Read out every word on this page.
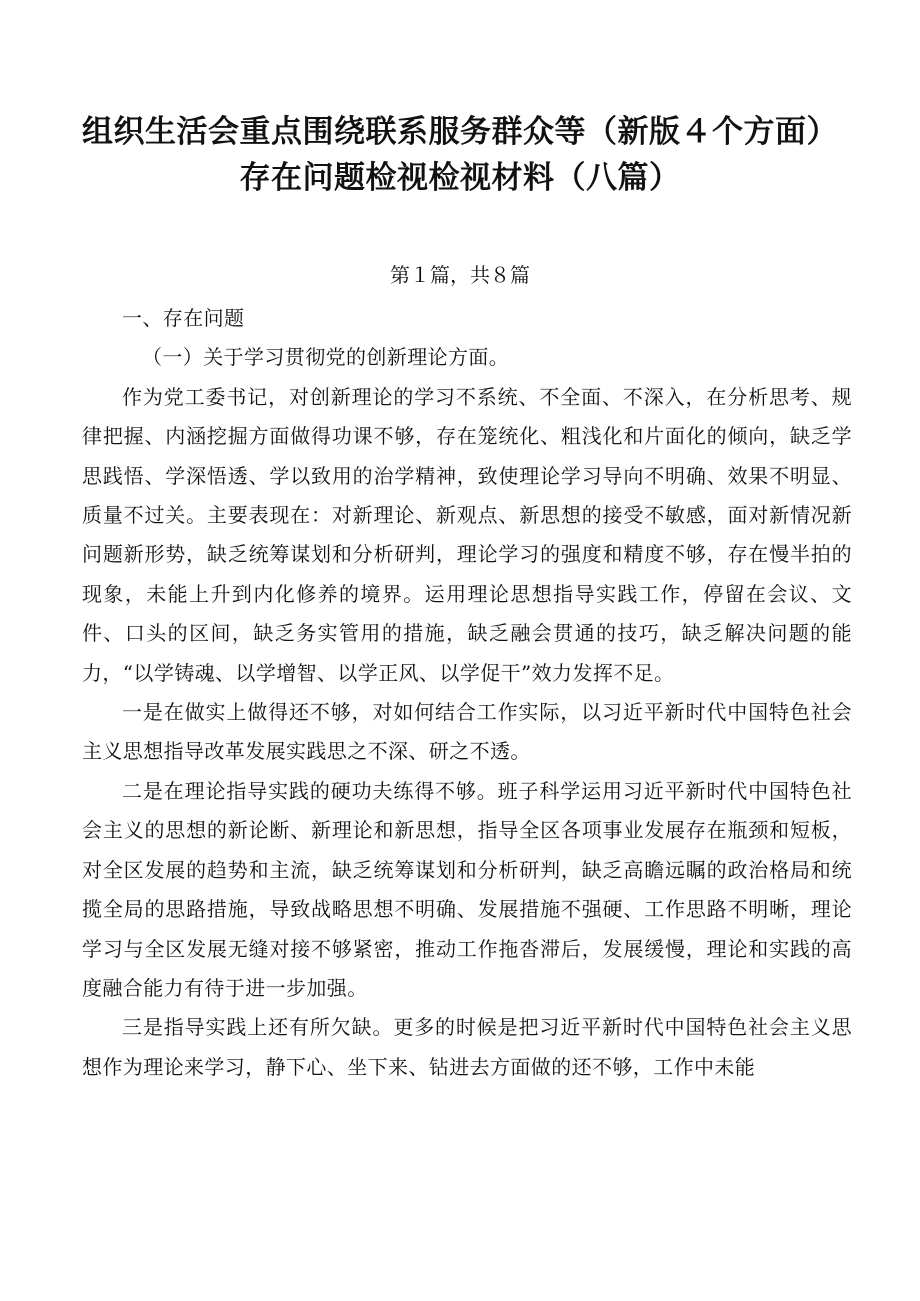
组织生活会重点围绕联系服务群众等（新版４个方面）
存在问题检视检视材料（八篇）
第１篇，共８篇

一、存在问题

（一）关于学习贯彻党的创新理论方面。

作为党工委书记，对创新理论的学习不系统、不全面、不深入，在分析思考、规律把握、内涵挖掘方面做得功课不够，存在笼统化、粗浅化和片面化的倾向，缺乏学思践悟、学深悟透、学以致用的治学精神，致使理论学习导向不明确、效果不明显、质量不过关。主要表现在：对新理论、新观点、新思想的接受不敏感，面对新情况新问题新形势，缺乏统筹谋划和分析研判，理论学习的强度和精度不够，存在慢半拍的现象，未能上升到内化修养的境界。运用理论思想指导实践工作，停留在会议、文件、口头的区间，缺乏务实管用的措施，缺乏融会贯通的技巧，缺乏解决问题的能力，“以学铸魂、以学增智、以学正风、以学促干”效力发挥不足。

一是在做实上做得还不够，对如何结合工作实际，以习近平新时代中国特色社会主义思想指导改革发展实践思之不深、研之不透。

二是在理论指导实践的硬功夫练得不够。班子科学运用习近平新时代中国特色社会主义的思想的新论断、新理论和新思想，指导全区各项事业发展存在瓶颈和短板，对全区发展的趋势和主流，缺乏统筹谋划和分析研判，缺乏高瞻远瞩的政治格局和统揽全局的思路措施，导致战略思想不明确、发展措施不强硬、工作思路不明晰，理论学习与全区发展无缝对接不够紧密，推动工作拖沓滞后，发展缓慢，理论和实践的高度融合能力有待于进一步加强。

三是指导实践上还有所欠缺。更多的时候是把习近平新时代中国特色社会主义思想作为理论来学习，静下心、坐下来、钻进去方面做的还不够，工作中未能
